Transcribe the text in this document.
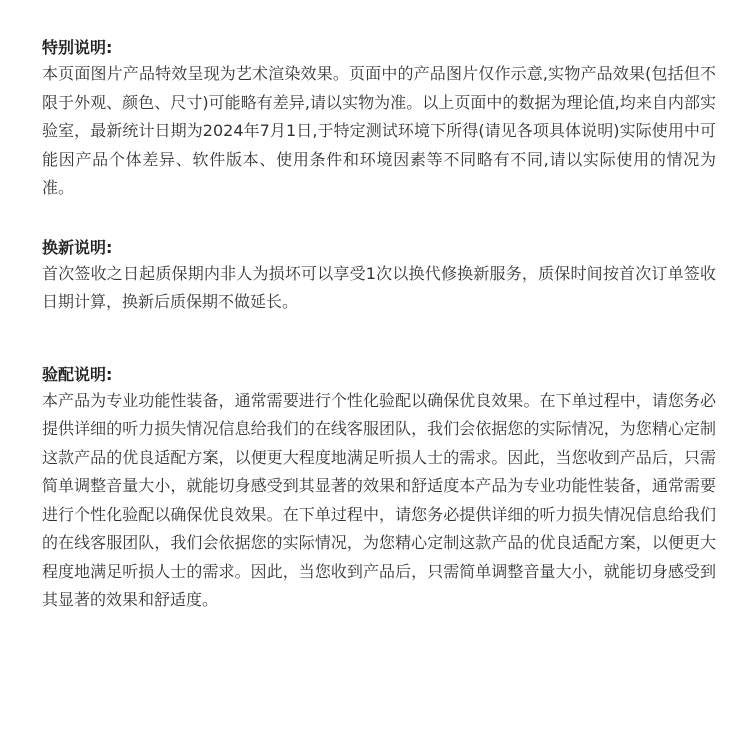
特别说明:

本页面图片产品特效呈现为艺术渲染效果。页面中的产品图片仅作示意,实物产品效果(包括但不限于外观、颜色、尺寸)可能略有差异,请以实物为准。以上页面中的数据为理论值,均来自内部实验室，最新统计日期为2024年7月1日,于特定测试环境下所得(请见各项具体说明)实际使用中可能因产品个体差异、软件版本、使用条件和环境因素等不同略有不同,请以实际使用的情况为准。

换新说明:

首次签收之日起质保期内非人为损坏可以享受1次以换代修换新服务，质保时间按首次订单签收日期计算，换新后质保期不做延长。

验配说明:

本产品为专业功能性装备，通常需要进行个性化验配以确保优良效果。在下单过程中，请您务必提供详细的听力损失情况信息给我们的在线客服团队，我们会依据您的实际情况，为您精心定制这款产品的优良适配方案，以便更大程度地满足听损人士的需求。因此，当您收到产品后，只需简单调整音量大小，就能切身感受到其显著的效果和舒适度本产品为专业功能性装备，通常需要进行个性化验配以确保优良效果。在下单过程中，请您务必提供详细的听力损失情况信息给我们的在线客服团队，我们会依据您的实际情况，为您精心定制这款产品的优良适配方案，以便更大程度地满足听损人士的需求。因此，当您收到产品后，只需简单调整音量大小，就能切身感受到其显著的效果和舒适度。
